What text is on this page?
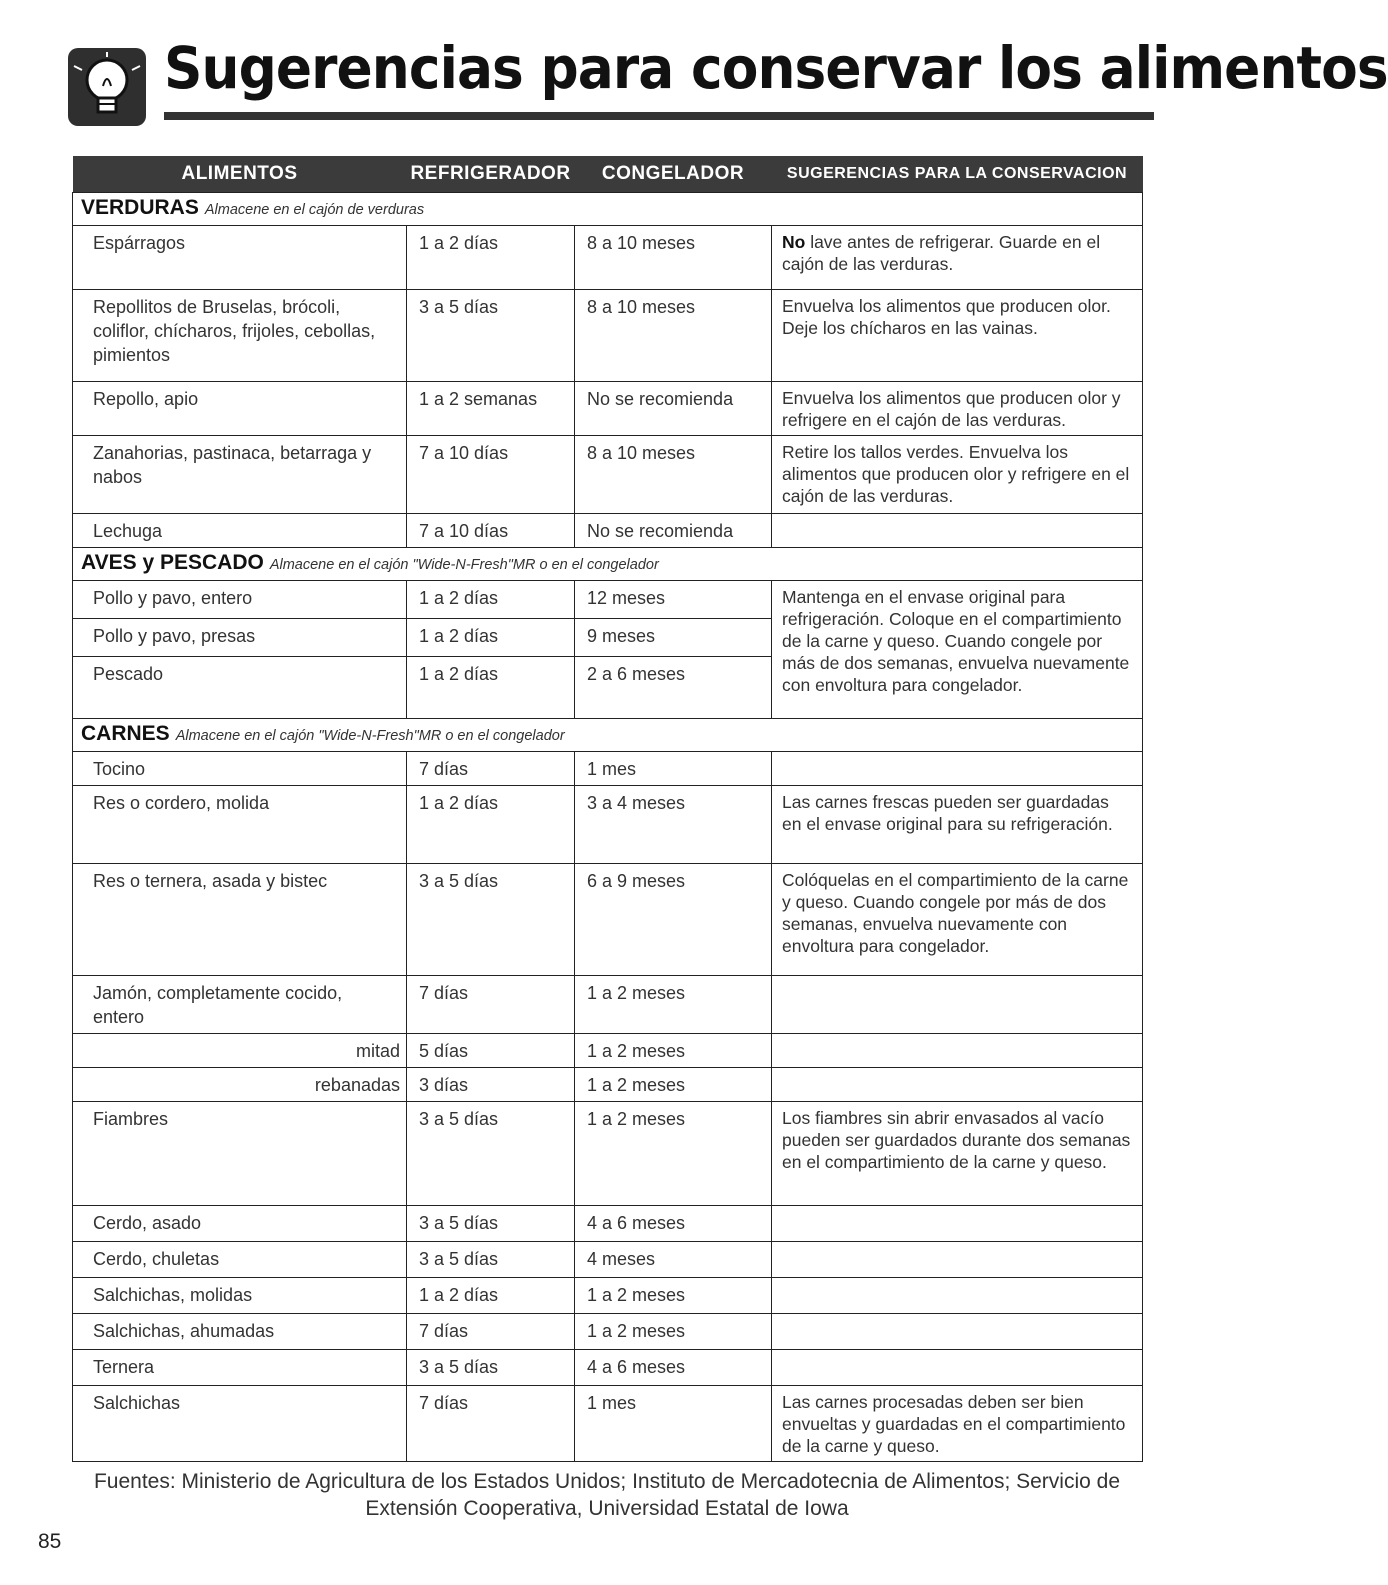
Sugerencias para conservar los alimentos
ALIMENTOS	REFRIGERADOR	CONGELADOR	SUGERENCIAS PARA LA CONSERVACION
VERDURAS Almacene en el cajón de verduras			
Espárragos	1 a 2 días	8 a 10 meses	No lave antes de refrigerar. Guarde en el cajón de las verduras.
Repollitos de Bruselas, brócoli, coliflor, chícharos, frijoles, cebollas, pimientos	3 a 5 días	8 a 10 meses	Envuelva los alimentos que producen olor. Deje los chícharos en las vainas.
Repollo, apio	1 a 2 semanas	No se recomienda	Envuelva los alimentos que producen olor y refrigere en el cajón de las verduras.
Zanahorias, pastinaca, betarraga y nabos	7 a 10 días	8 a 10 meses	Retire los tallos verdes. Envuelva los alimentos que producen olor y refrigere en el cajón de las verduras.
Lechuga	7 a 10 días	No se recomienda	
AVES y PESCADO Almacene en el cajón "Wide-N-Fresh"MR o en el congelador			
Pollo y pavo, entero	1 a 2 días	12 meses	Mantenga en el envase original para refrigeración. Coloque en el compartimiento de la carne y queso. Cuando congele por más de dos semanas, envuelva nuevamente con envoltura para congelador.
Pollo y pavo, presas	1 a 2 días	9 meses	
Pescado	1 a 2 días	2 a 6 meses	
CARNES Almacene en el cajón "Wide-N-Fresh"MR o en el congelador			
Tocino	7 días	1 mes	
Res o cordero, molida	1 a 2 días	3 a 4 meses	Las carnes frescas pueden ser guardadas en el envase original para su refrigeración.
Res o ternera, asada y bistec	3 a 5 días	6 a 9 meses	Colóquelas en el compartimiento de la carne y queso. Cuando congele por más de dos semanas, envuelva nuevamente con envoltura para congelador.
Jamón, completamente cocido, entero	7 días	1 a 2 meses	
mitad	5 días	1 a 2 meses	
rebanadas	3 días	1 a 2 meses	
Fiambres	3 a 5 días	1 a 2 meses	Los fiambres sin abrir envasados al vacío pueden ser guardados durante dos semanas en el compartimiento de la carne y queso.
Cerdo, asado	3 a 5 días	4 a 6 meses	
Cerdo, chuletas	3 a 5 días	4 meses	
Salchichas, molidas	1 a 2 días	1 a 2 meses	
Salchichas, ahumadas	7 días	1 a 2 meses	
Ternera	3 a 5 días	4 a 6 meses	
Salchichas	7 días	1 mes	Las carnes procesadas deben ser bien envueltas y guardadas en el compartimiento de la carne y queso.
Fuentes: Ministerio de Agricultura de los Estados Unidos; Instituto de Mercadotecnia de Alimentos; Servicio de Extensión Cooperativa, Universidad Estatal de Iowa
85
